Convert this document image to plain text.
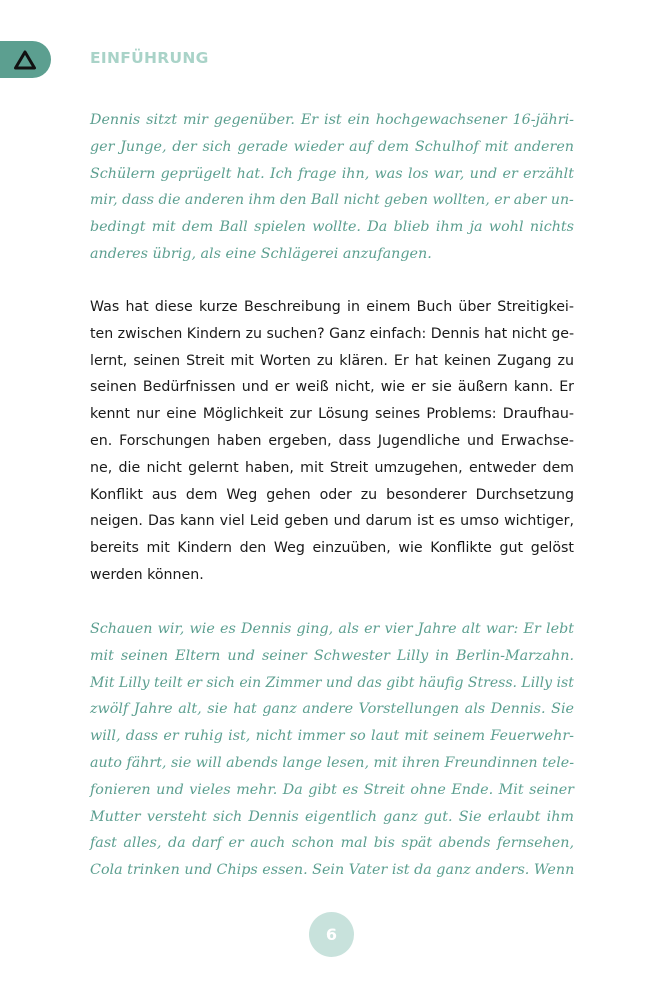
EINFÜHRUNG
Dennis sitzt mir gegenüber. Er ist ein hochgewachsener 16-jähri-
ger Junge, der sich gerade wieder auf dem Schulhof mit anderen
Schülern geprügelt hat. Ich frage ihn, was los war, und er erzählt
mir, dass die anderen ihm den Ball nicht geben wollten, er aber un-
bedingt mit dem Ball spielen wollte. Da blieb ihm ja wohl nichts
anderes übrig, als eine Schlägerei anzufangen.
Was hat diese kurze Beschreibung in einem Buch über Streitigkei-
ten zwischen Kindern zu suchen? Ganz einfach: Dennis hat nicht ge-
lernt, seinen Streit mit Worten zu klären. Er hat keinen Zugang zu
seinen Bedürfnissen und er weiß nicht, wie er sie äußern kann. Er
kennt nur eine Möglichkeit zur Lösung seines Problems: Draufhau-
en. Forschungen haben ergeben, dass Jugendliche und Erwachse-
ne, die nicht gelernt haben, mit Streit umzugehen, entweder dem
Konflikt aus dem Weg gehen oder zu besonderer Durchsetzung
neigen. Das kann viel Leid geben und darum ist es umso wichtiger,
bereits mit Kindern den Weg einzuüben, wie Konflikte gut gelöst
werden können.
Schauen wir, wie es Dennis ging, als er vier Jahre alt war: Er lebt
mit seinen Eltern und seiner Schwester Lilly in Berlin-Marzahn.
Mit Lilly teilt er sich ein Zimmer und das gibt häufig Stress. Lilly ist
zwölf Jahre alt, sie hat ganz andere Vorstellungen als Dennis. Sie
will, dass er ruhig ist, nicht immer so laut mit seinem Feuerwehr-
auto fährt, sie will abends lange lesen, mit ihren Freundinnen tele-
fonieren und vieles mehr. Da gibt es Streit ohne Ende. Mit seiner
Mutter versteht sich Dennis eigentlich ganz gut. Sie erlaubt ihm
fast alles, da darf er auch schon mal bis spät abends fernsehen,
Cola trinken und Chips essen. Sein Vater ist da ganz anders. Wenn
6
